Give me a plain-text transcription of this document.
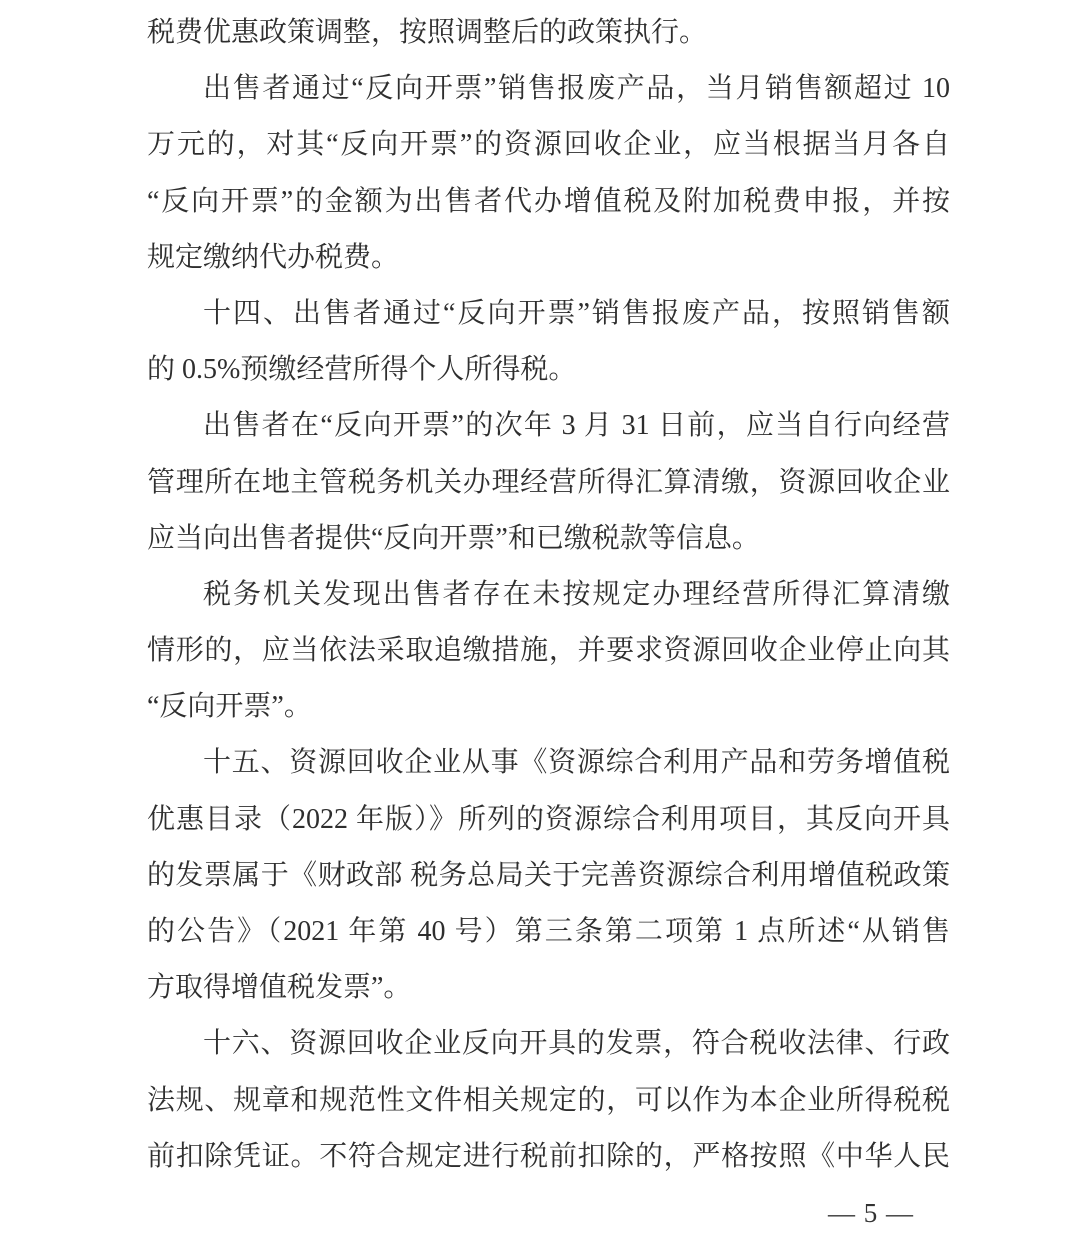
税费优惠政策调整，按照调整后的政策执行。
出售者通过“反向开票”销售报废产品，当月销售额超过 10
万元的，对其“反向开票”的资源回收企业，应当根据当月各自
“反向开票”的金额为出售者代办增值税及附加税费申报，并按
规定缴纳代办税费。
十四、出售者通过“反向开票”销售报废产品，按照销售额
的 0.5%预缴经营所得个人所得税。
出售者在“反向开票”的次年 3 月 31 日前，应当自行向经营
管理所在地主管税务机关办理经营所得汇算清缴，资源回收企业
应当向出售者提供“反向开票”和已缴税款等信息。
税务机关发现出售者存在未按规定办理经营所得汇算清缴
情形的，应当依法采取追缴措施，并要求资源回收企业停止向其
“反向开票”。
十五、资源回收企业从事《资源综合利用产品和劳务增值税
优惠目录（2022 年版）》所列的资源综合利用项目，其反向开具
的发票属于《财政部 税务总局关于完善资源综合利用增值税政策
的公告》（2021 年第 40 号）第三条第二项第 1 点所述“从销售
方取得增值税发票”。
十六、资源回收企业反向开具的发票，符合税收法律、行政
法规、规章和规范性文件相关规定的，可以作为本企业所得税税
前扣除凭证。不符合规定进行税前扣除的，严格按照《中华人民
— 5 —
